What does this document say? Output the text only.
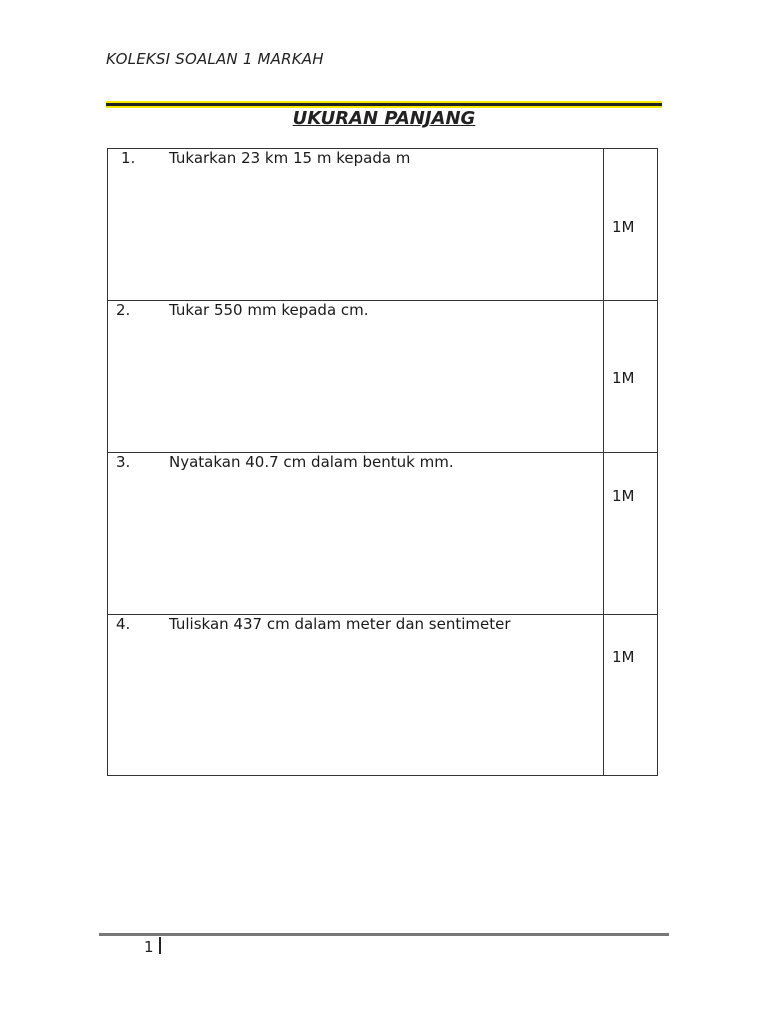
KOLEKSI SOALAN 1 MARKAH
UKURAN PANJANG
1. Tukarkan 23 km 15 m kepada m	1M

2. Tukar 550 mm kepada cm.	1M

3. Nyatakan 40.7 cm dalam bentuk mm.	1M

4. Tuliskan 437 cm dalam meter dan sentimeter	1M
1
